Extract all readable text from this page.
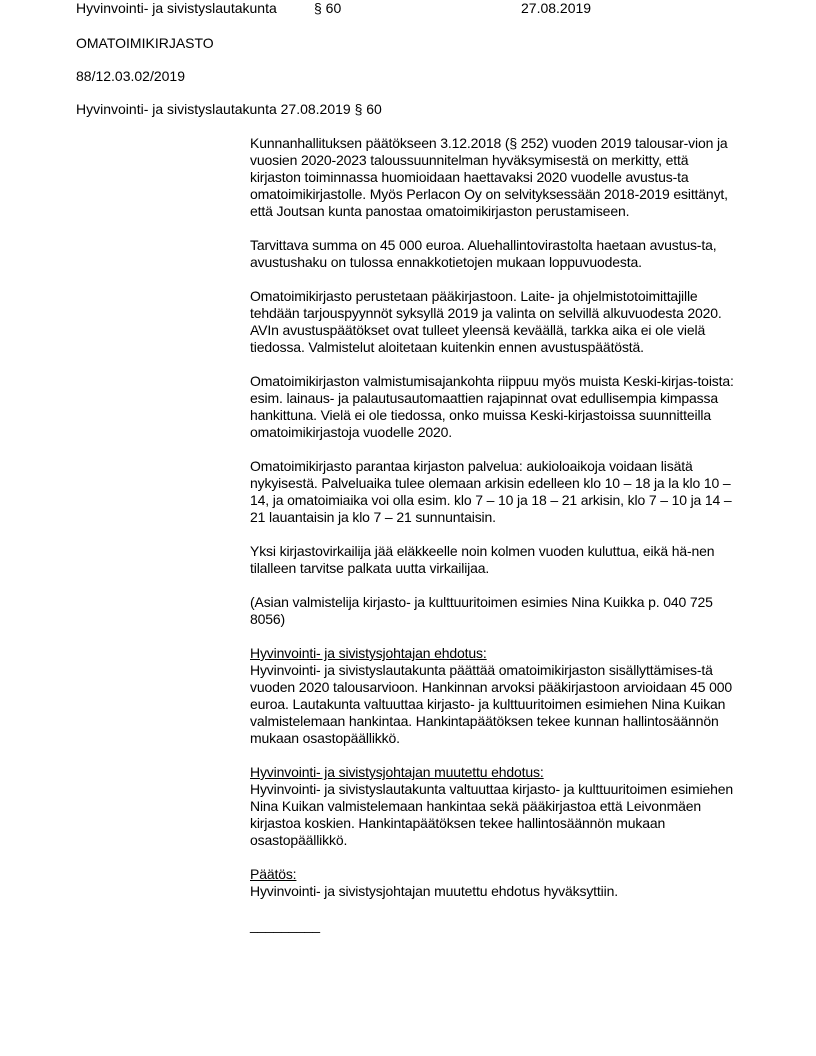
Hyvinvointi- ja sivistyslautakunta	§ 60	27.08.2019
OMATOIMIKIRJASTO
88/12.03.02/2019
Hyvinvointi- ja sivistyslautakunta 27.08.2019 § 60

Kunnanhallituksen päätökseen 3.12.2018 (§ 252) vuoden 2019 talousar-vion ja vuosien 2020-2023 taloussuunnitelman hyväksymisestä on merkitty, että kirjaston toiminnassa huomioidaan haettavaksi 2020 vuodelle avustus-ta omatoimikirjastolle. Myös Perlacon Oy on selvityksessään 2018-2019 esittänyt, että Joutsan kunta panostaa omatoimikirjaston perustamiseen.

Tarvittava summa on 45 000 euroa. Aluehallintovirastolta haetaan avustus-ta, avustushaku on tulossa ennakkotietojen mukaan loppuvuodesta.

Omatoimikirjasto perustetaan pääkirjastoon. Laite- ja ohjelmistotoimittajille tehdään tarjouspyynnöt syksyllä 2019 ja valinta on selvillä alkuvuodesta 2020. AVIn avustuspäätökset ovat tulleet yleensä keväällä, tarkka aika ei ole vielä tiedossa. Valmistelut aloitetaan kuitenkin ennen avustuspäätöstä.

Omatoimikirjaston valmistumisajankohta riippuu myös muista Keski-kirjas-toista: esim. lainaus- ja palautusautomaattien rajapinnat ovat edullisempia kimpassa hankittuna. Vielä ei ole tiedossa, onko muissa Keski-kirjastoissa suunnitteilla omatoimikirjastoja vuodelle 2020.

Omatoimikirjasto parantaa kirjaston palvelua: aukioloaikoja voidaan lisätä nykyisestä. Palveluaika tulee olemaan arkisin edelleen klo 10 – 18 ja la klo 10 – 14, ja omatoimiaika voi olla esim. klo 7 – 10 ja 18 – 21 arkisin, klo 7 – 10 ja 14 – 21 lauantaisin ja klo 7 – 21 sunnuntaisin.

Yksi kirjastovirkailija jää eläkkeelle noin kolmen vuoden kuluttua, eikä hä-nen tilalleen tarvitse palkata uutta virkailijaa.

(Asian valmistelija kirjasto- ja kulttuuritoimen esimies Nina Kuikka p. 040 725 8056)

Hyvinvointi- ja sivistysjohtajan ehdotus:

Hyvinvointi- ja sivistyslautakunta päättää omatoimikirjaston sisällyttämises-tä vuoden 2020 talousarvioon. Hankinnan arvoksi pääkirjastoon arvioidaan 45 000 euroa. Lautakunta valtuuttaa kirjasto- ja kulttuuritoimen esimiehen Nina Kuikan valmistelemaan hankintaa. Hankintapäätöksen tekee kunnan hallintosäännön mukaan osastopäällikkö.

Hyvinvointi- ja sivistysjohtajan muutettu ehdotus:

Hyvinvointi- ja sivistyslautakunta valtuuttaa kirjasto- ja kulttuuritoimen esimiehen Nina Kuikan valmistelemaan hankintaa sekä pääkirjastoa että Leivonmäen kirjastoa koskien. Hankintapäätöksen tekee hallintosäännön mukaan osastopäällikkö.

Päätös:

Hyvinvointi- ja sivistysjohtajan muutettu ehdotus hyväksyttiin.

_________
